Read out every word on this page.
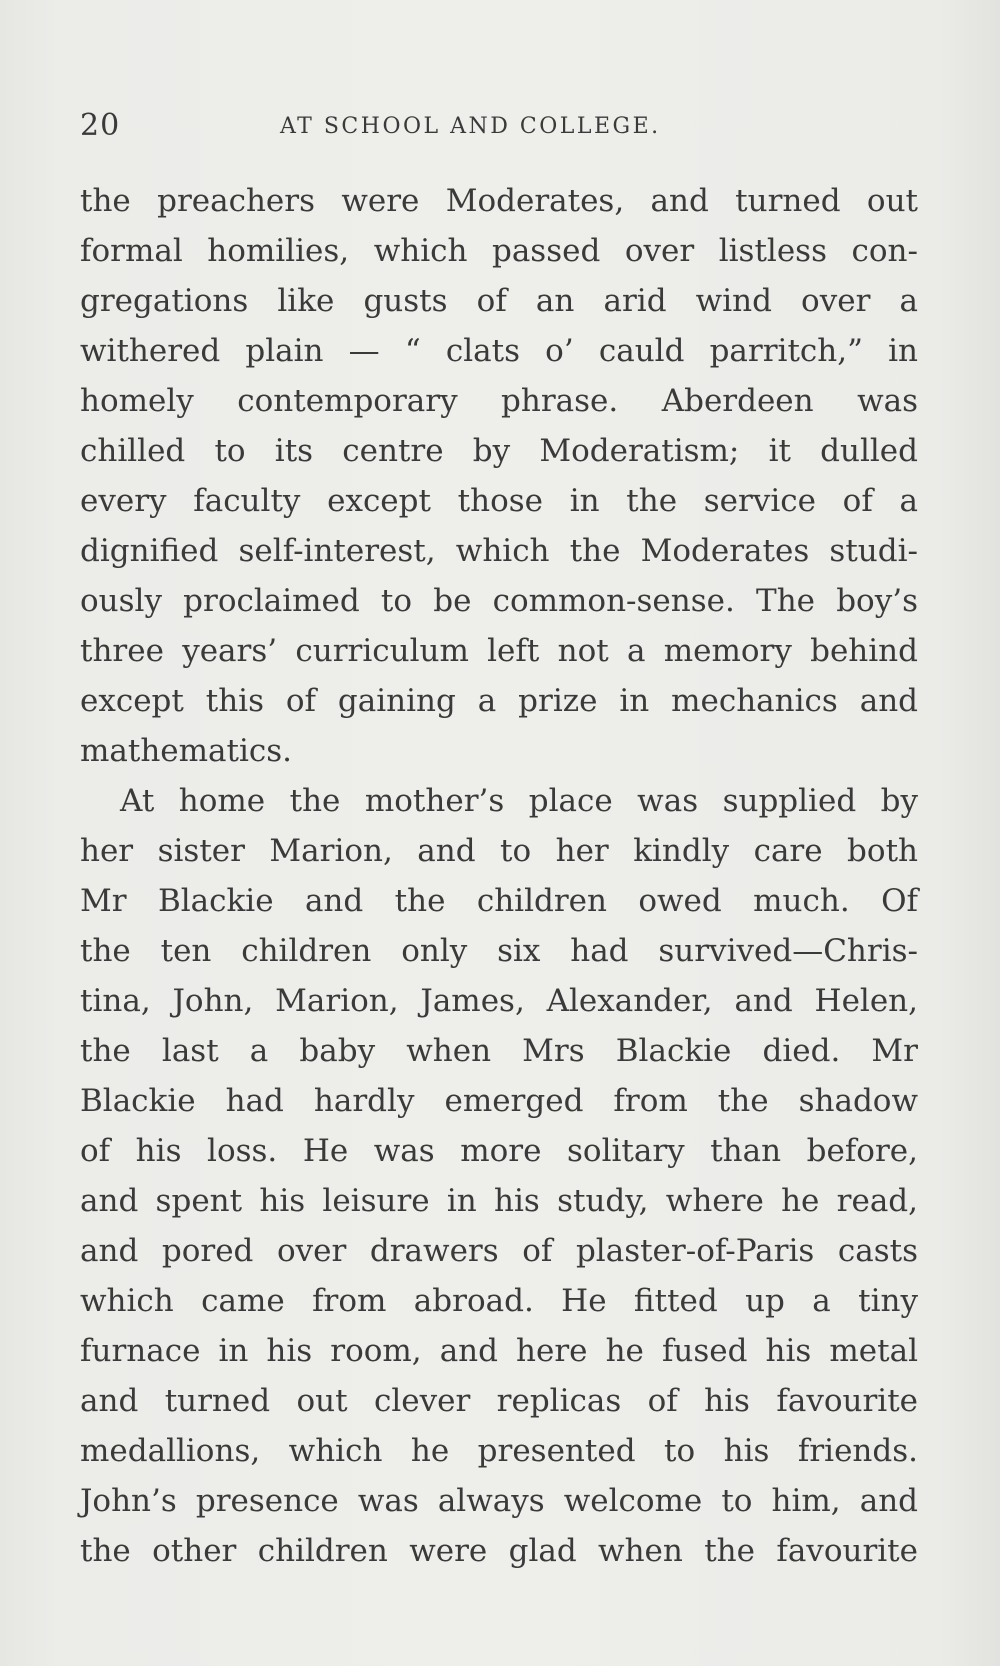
20	AT SCHOOL AND COLLEGE.
the preachers were Moderates, and turned out
formal homilies, which passed over listless con-
gregations like gusts of an arid wind over a
withered plain — “ clats o’ cauld parritch,” in
homely contemporary phrase. Aberdeen was
chilled to its centre by Moderatism; it dulled
every faculty except those in the service of a
dignified self-interest, which the Moderates studi-
ously proclaimed to be common-sense. The boy’s
three years’ curriculum left not a memory behind
except this of gaining a prize in mechanics and
mathematics.
At home the mother’s place was supplied by
her sister Marion, and to her kindly care both
Mr Blackie and the children owed much. Of
the ten children only six had survived—Chris-
tina, John, Marion, James, Alexander, and Helen,
the last a baby when Mrs Blackie died. Mr
Blackie had hardly emerged from the shadow
of his loss. He was more solitary than before,
and spent his leisure in his study, where he read,
and pored over drawers of plaster-of-Paris casts
which came from abroad. He fitted up a tiny
furnace in his room, and here he fused his metal
and turned out clever replicas of his favourite
medallions, which he presented to his friends.
John’s presence was always welcome to him, and
the other children were glad when the favourite
